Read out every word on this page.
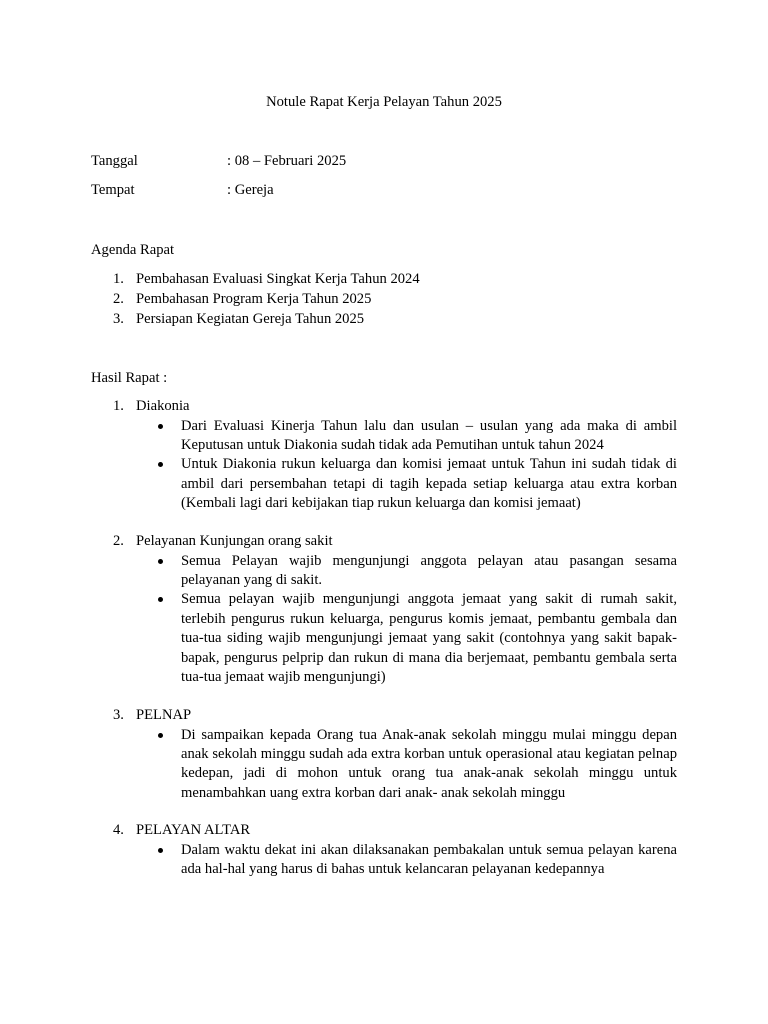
Notule Rapat Kerja Pelayan Tahun 2025
Tanggal	: 08 – Februari 2025
Tempat	: Gereja
Agenda Rapat
1. Pembahasan Evaluasi Singkat Kerja Tahun 2024
2. Pembahasan Program Kerja Tahun 2025
3. Persiapan Kegiatan Gereja Tahun 2025
Hasil Rapat :
1. Diakonia
Dari Evaluasi Kinerja Tahun lalu dan usulan – usulan yang ada maka di ambil Keputusan untuk Diakonia sudah tidak ada Pemutihan untuk tahun 2024
Untuk Diakonia rukun keluarga dan komisi jemaat untuk Tahun ini sudah tidak di ambil dari persembahan tetapi di tagih kepada setiap keluarga atau extra korban (Kembali lagi dari kebijakan tiap rukun keluarga dan komisi jemaat)
2. Pelayanan Kunjungan orang sakit
Semua Pelayan wajib mengunjungi anggota pelayan atau pasangan sesama pelayanan yang di sakit.
Semua pelayan wajib mengunjungi anggota jemaat yang sakit di rumah sakit, terlebih pengurus rukun keluarga, pengurus komis jemaat, pembantu gembala dan tua-tua siding wajib mengunjungi jemaat yang sakit (contohnya yang sakit bapak-bapak, pengurus pelprip dan rukun di mana dia berjemaat, pembantu gembala serta tua-tua jemaat wajib mengunjungi)
3. PELNAP
Di sampaikan kepada Orang tua Anak-anak sekolah minggu mulai minggu depan anak sekolah minggu sudah ada extra korban untuk operasional atau kegiatan pelnap kedepan, jadi di mohon untuk orang tua anak-anak sekolah minggu untuk menambahkan uang extra korban dari anak- anak sekolah minggu
4. PELAYAN ALTAR
Dalam waktu dekat ini akan dilaksanakan pembakalan untuk semua pelayan karena ada hal-hal yang harus di bahas untuk kelancaran pelayanan kedepannya
